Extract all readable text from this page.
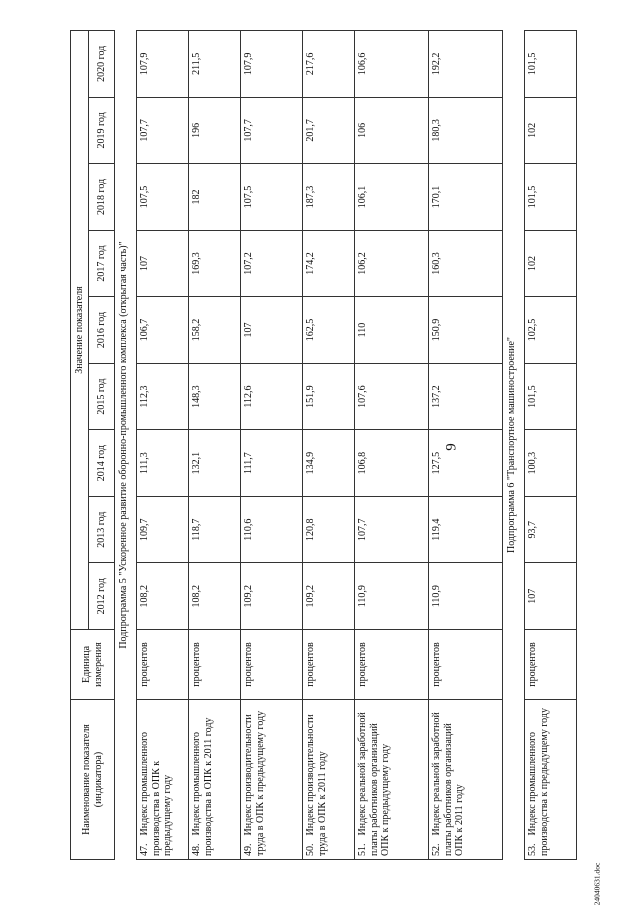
9
Наименование показателя (индикатора)	Единица измерения	Значение показателя								
		2012 год	2013 год	2014 год	2015 год	2016 год	2017 год	2018 год	2019 год	2020 год
Подпрограмма 5 "Ускоренное развитие оборонно-промышленного комплекса (открытая часть)"										
47. Индекс промышленного производства в ОПК к предыдущему году	процентов	108,2	109,7	111,3	112,3	106,7	107	107,5	107,7	107,9
48. Индекс промышленного производства в ОПК к 2011 году	процентов	108,2	118,7	132,1	148,3	158,2	169,3	182	196	211,5
49. Индекс производительности труда в ОПК к предыдущему году	процентов	109,2	110,6	111,7	112,6	107	107,2	107,5	107,7	107,9
50. Индекс производительности труда в ОПК к 2011 году	процентов	109,2	120,8	134,9	151,9	162,5	174,2	187,3	201,7	217,6
51. Индекс реальной заработной платы работников организаций ОПК к предыдущему году	процентов	110,9	107,7	106,8	107,6	110	106,2	106,1	106	106,6
52. Индекс реальной заработной платы работников организаций ОПК к 2011 году	процентов	110,9	119,4	127,5	137,2	150,9	160,3	170,1	180,3	192,2
Подпрограмма 6 "Транспортное машиностроение"										
53. Индекс промышленного производства к предыдущему году	процентов	107	93,7	100,3	101,5	102,5	102	101,5	102	101,5

24040631.doc
